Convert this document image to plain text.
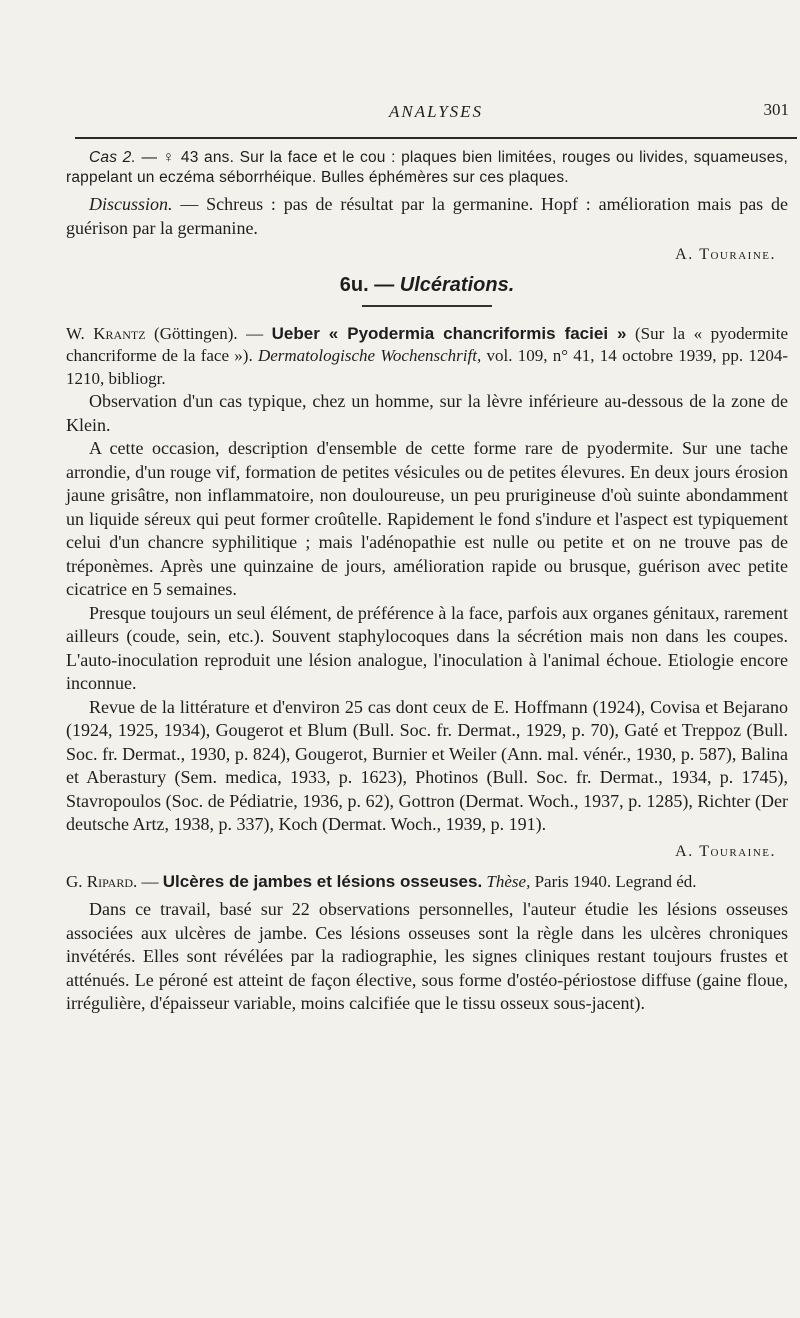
ANALYSES	301

Cas 2. — ♀ 43 ans. Sur la face et le cou : plaques bien limitées, rouges ou livides, squameuses, rappelant un eczéma séborrhéique. Bulles éphémères sur ces plaques.

Discussion. — Schreus : pas de résultat par la germanine. Hopf : amélioration mais pas de guérison par la germanine.

A. Touraine.
6u. — Ulcérations.

W. Krantz (Göttingen). — Ueber « Pyodermia chancriformis faciei » (Sur la « pyodermite chancriforme de la face »). Dermatologische Wochenschrift, vol. 109, n° 41, 14 octobre 1939, pp. 1204-1210, bibliogr.

Observation d'un cas typique, chez un homme, sur la lèvre inférieure au-dessous de la zone de Klein.

A cette occasion, description d'ensemble de cette forme rare de pyodermite. Sur une tache arrondie, d'un rouge vif, formation de petites vésicules ou de petites élevures. En deux jours érosion jaune grisâtre, non inflammatoire, non douloureuse, un peu prurigineuse d'où suinte abondamment un liquide séreux qui peut former croûtelle. Rapidement le fond s'indure et l'aspect est typiquement celui d'un chancre syphilitique ; mais l'adénopathie est nulle ou petite et on ne trouve pas de tréponèmes. Après une quinzaine de jours, amélioration rapide ou brusque, guérison avec petite cicatrice en 5 semaines.

Presque toujours un seul élément, de préférence à la face, parfois aux organes génitaux, rarement ailleurs (coude, sein, etc.). Souvent staphylocoques dans la sécrétion mais non dans les coupes. L'auto-inoculation reproduit une lésion analogue, l'inoculation à l'animal échoue. Etiologie encore inconnue.

Revue de la littérature et d'environ 25 cas dont ceux de E. Hoffmann (1924), Covisa et Bejarano (1924, 1925, 1934), Gougerot et Blum (Bull. Soc. fr. Dermat., 1929, p. 70), Gaté et Treppoz (Bull. Soc. fr. Dermat., 1930, p. 824), Gougerot, Burnier et Weiler (Ann. mal. vénér., 1930, p. 587), Balina et Aberastury (Sem. medica, 1933, p. 1623), Photinos (Bull. Soc. fr. Dermat., 1934, p. 1745), Stavropoulos (Soc. de Pédiatrie, 1936, p. 62), Gottron (Dermat. Woch., 1937, p. 1285), Richter (Der deutsche Artz, 1938, p. 337), Koch (Dermat. Woch., 1939, p. 191).

A. Touraine.

G. Ripard. — Ulcères de jambes et lésions osseuses. Thèse, Paris 1940. Legrand éd.

Dans ce travail, basé sur 22 observations personnelles, l'auteur étudie les lésions osseuses associées aux ulcères de jambe. Ces lésions osseuses sont la règle dans les ulcères chroniques invétérés. Elles sont révélées par la radiographie, les signes cliniques restant toujours frustes et atténués. Le péroné est atteint de façon élective, sous forme d'ostéo-périostose diffuse (gaine floue, irrégulière, d'épaisseur variable, moins calcifiée que le tissu osseux sous-jacent).
